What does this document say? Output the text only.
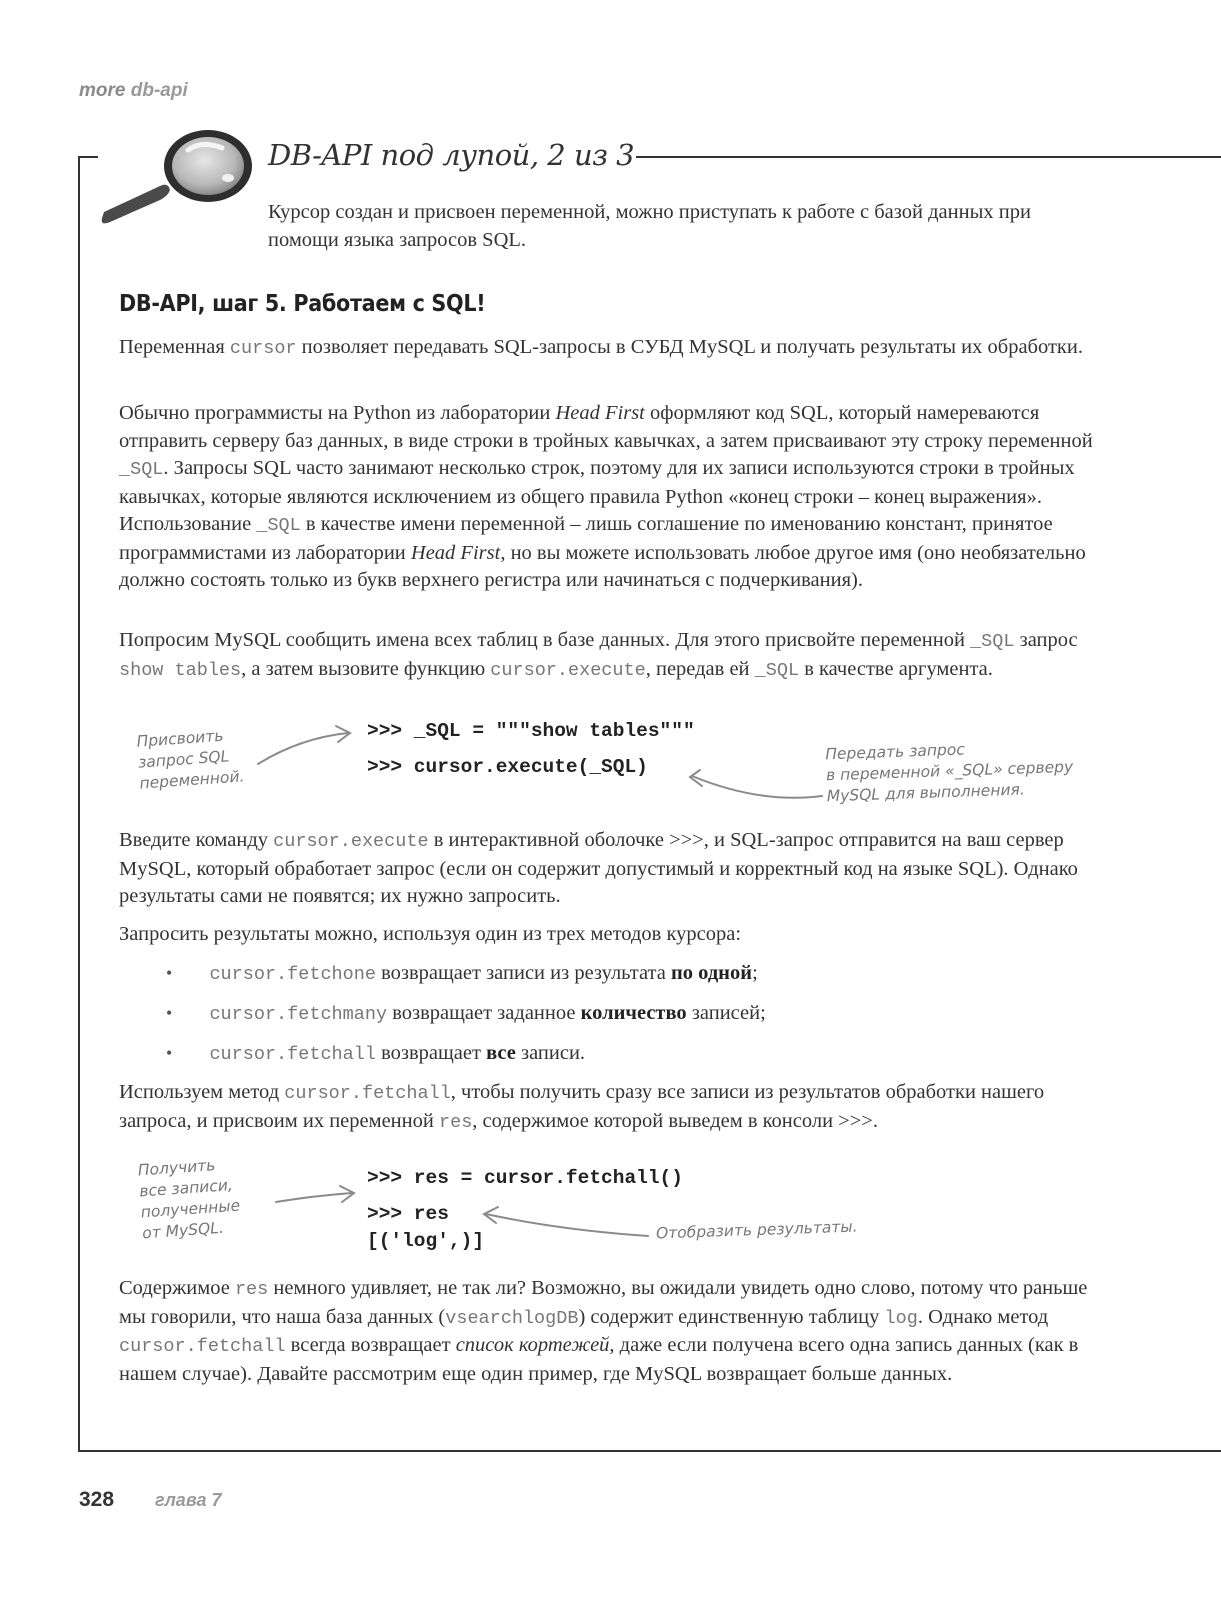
more db-api
DB-API под лупой, 2 из 3
Курсор создан и присвоен переменной, можно приступать к работе с базой данных при помощи языка запросов SQL.
DB-API, шаг 5. Работаем с SQL!
Переменная cursor позволяет передавать SQL-запросы в СУБД MySQL и получать результаты их обработки.
Обычно программисты на Python из лаборатории Head First оформляют код SQL, который намереваются отправить серверу баз данных, в виде строки в тройных кавычках, а затем присваивают эту строку переменной _SQL. Запросы SQL часто занимают несколько строк, поэтому для их записи используются строки в тройных кавычках, которые являются исключением из общего правила Python «конец строки – конец выражения». Использование _SQL в качестве имени переменной – лишь соглашение по именованию констант, принятое программистами из лаборатории Head First, но вы можете использовать любое другое имя (оно необязательно должно состоять только из букв верхнего регистра или начинаться с подчеркивания).
Попросим MySQL сообщить имена всех таблиц в базе данных. Для этого присвойте переменной _SQL запрос show tables, а затем вызовите функцию cursor.execute, передав ей _SQL в качестве аргумента.
>>> _SQL = """show tables"""
>>> cursor.execute(_SQL)
Присвоить
запрос SQL
переменной.
Передать запрос
в переменной «_SQL» серверу
MySQL для выполнения.
Введите команду cursor.execute в интерактивной оболочке >>>, и SQL-запрос отправится на ваш сервер MySQL, который обработает запрос (если он содержит допустимый и корректный код на языке SQL). Однако результаты сами не появятся; их нужно запросить.
Запросить результаты можно, используя один из трех методов курсора:
• cursor.fetchone возвращает записи из результата по одной;
• cursor.fetchmany возвращает заданное количество записей;
• cursor.fetchall возвращает все записи.
Используем метод cursor.fetchall, чтобы получить сразу все записи из результатов обработки нашего запроса, и присвоим их переменной res, содержимое которой выведем в консоли >>>.
>>> res = cursor.fetchall()
>>> res
[('log',)]
Получить
все записи,
полученные
от MySQL.	Отобразить результаты.
Содержимое res немного удивляет, не так ли? Возможно, вы ожидали увидеть одно слово, потому что раньше мы говорили, что наша база данных (vsearchlogDB) содержит единственную таблицу log. Однако метод cursor.fetchall всегда возвращает список кортежей, даже если получена всего одна запись данных (как в нашем случае). Давайте рассмотрим еще один пример, где MySQL возвращает больше данных.
328 глава 7
